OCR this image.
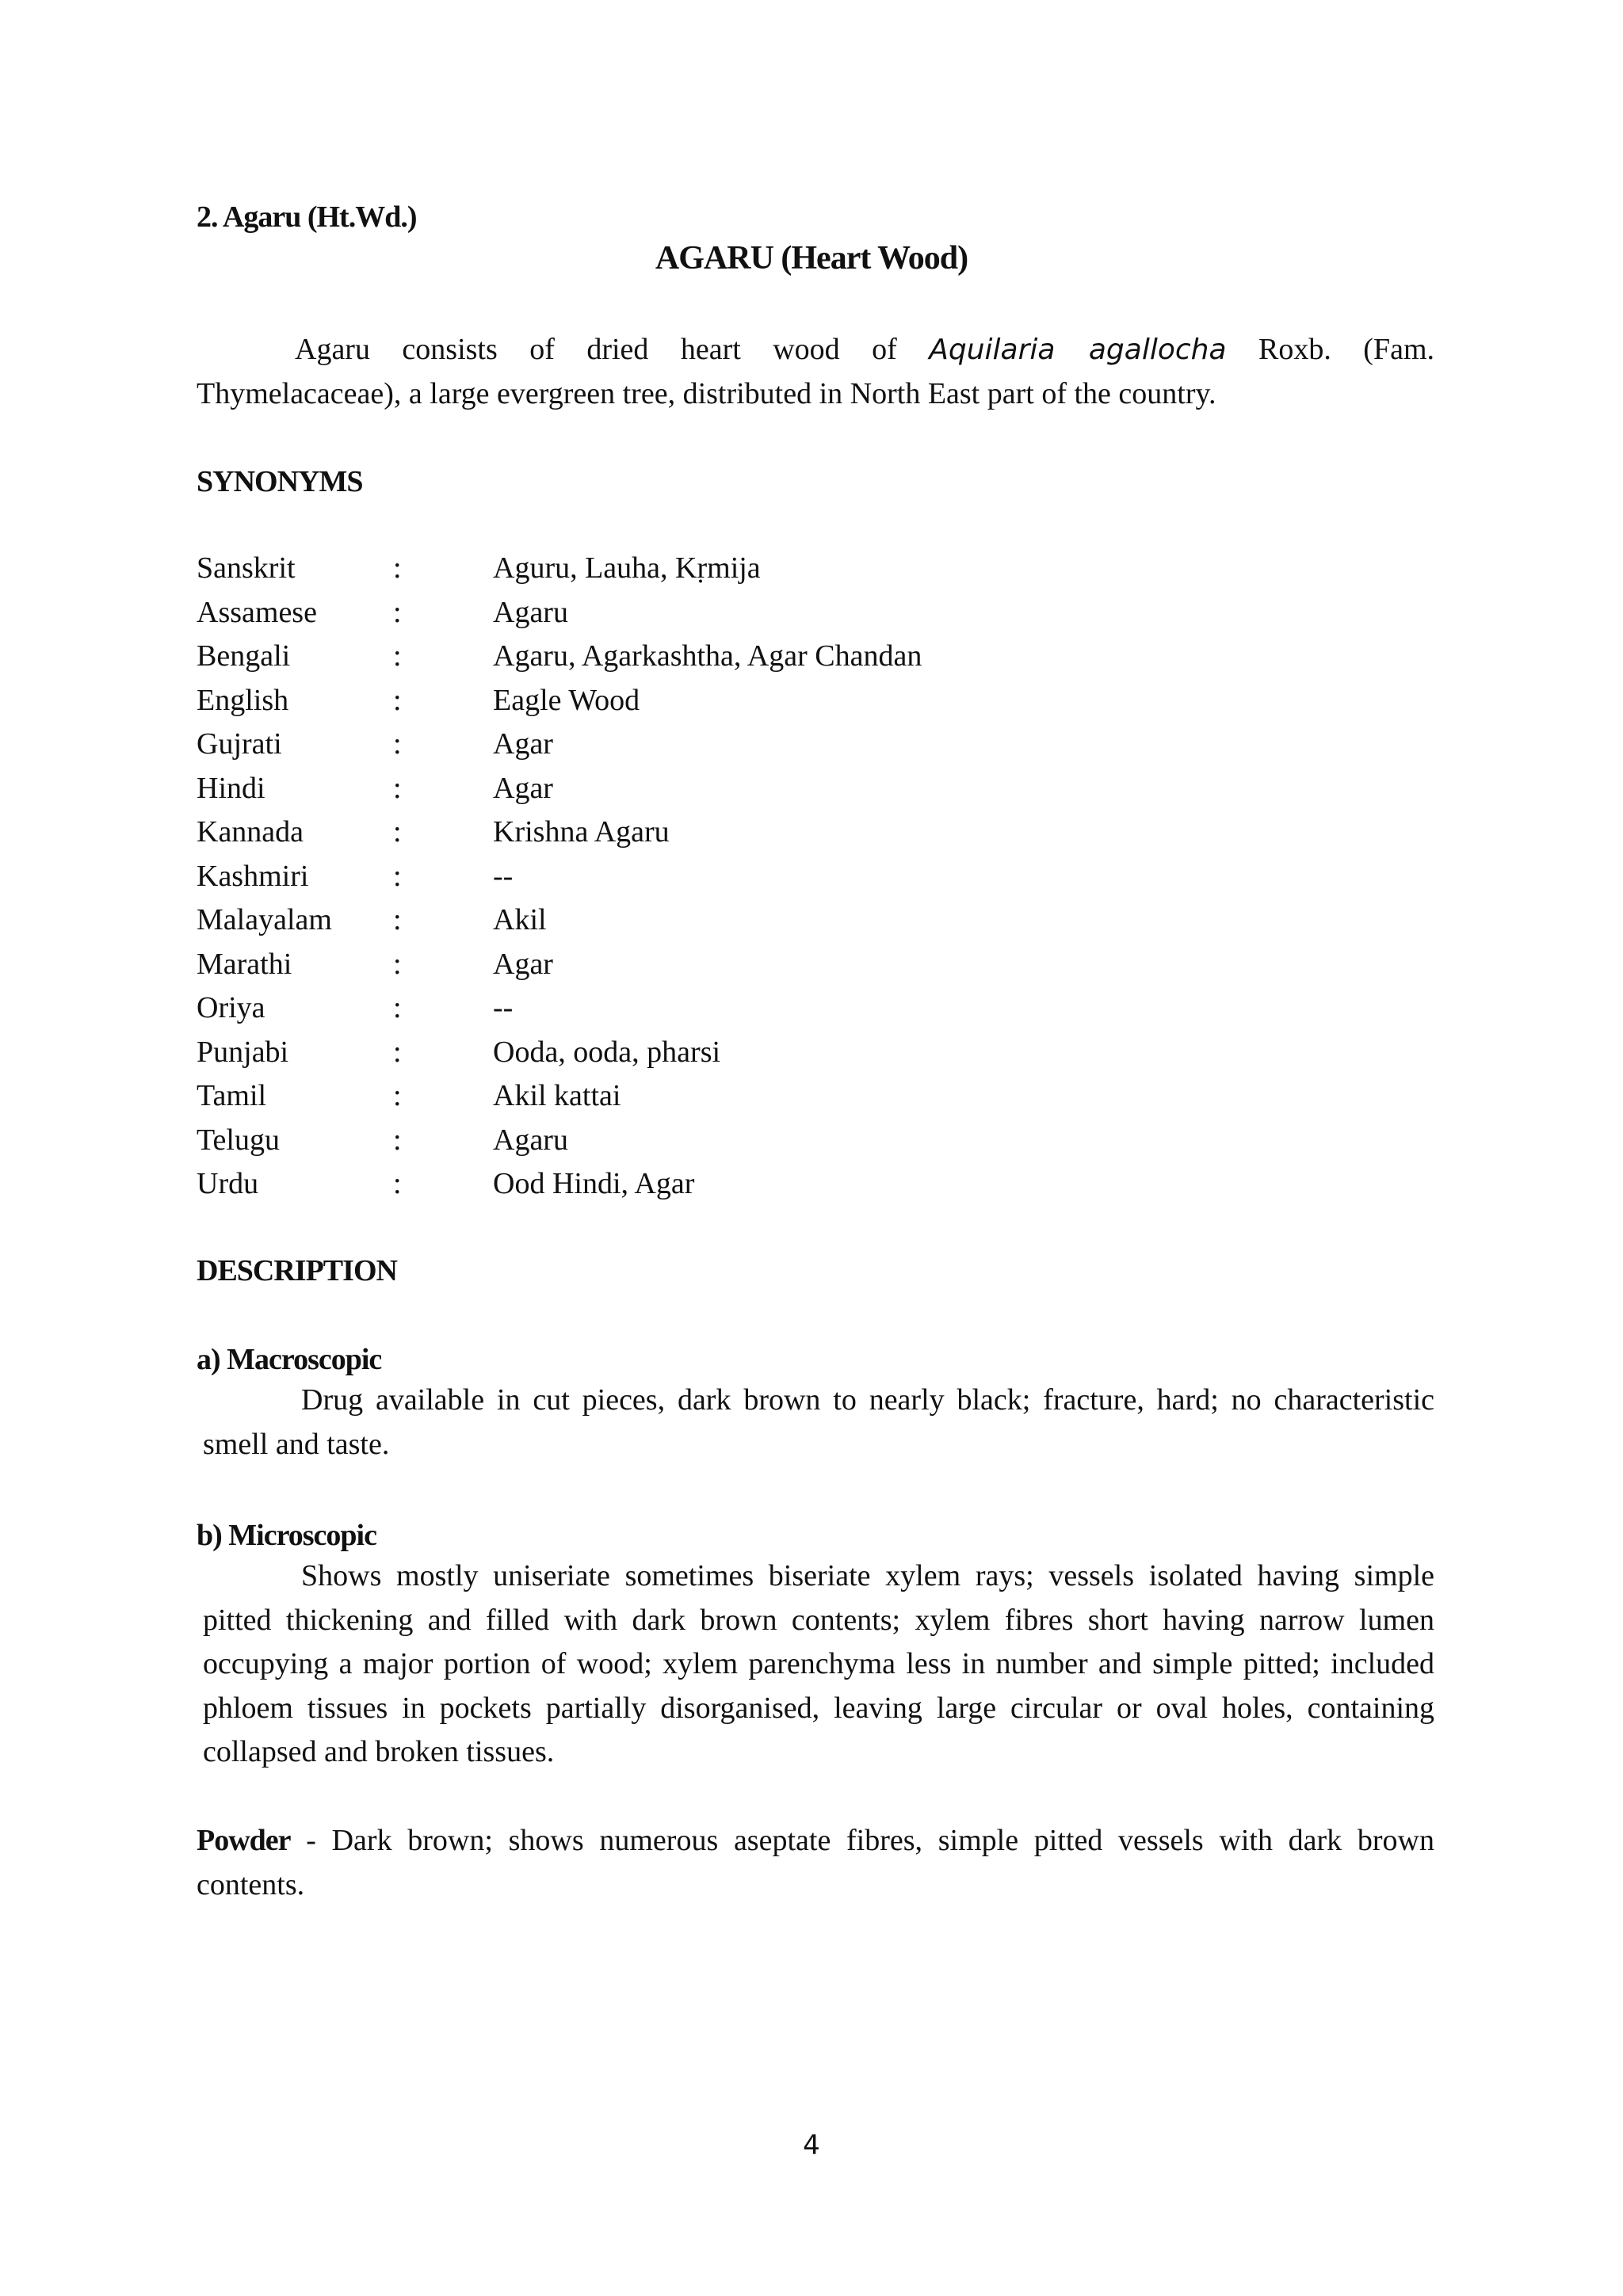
2. Agaru (Ht.Wd.)
AGARU (Heart Wood)
Agaru consists of dried heart wood of Aquilaria agallocha Roxb. (Fam.
Thymelacaceae), a large evergreen tree, distributed in North East part of the country.
SYNONYMS
Sanskrit	:	Aguru, Lauha, Kṛmija
Assamese	:	Agaru
Bengali	:	Agaru, Agarkashtha, Agar Chandan
English	:	Eagle Wood
Gujrati	:	Agar
Hindi	:	Agar
Kannada	:	Krishna Agaru
Kashmiri	:	--
Malayalam :	Akil
Marathi	:	Agar
Oriya	:	--
Punjabi	:	Ooda, ooda, pharsi
Tamil	:	Akil kattai
Telugu	:	Agaru
Urdu	:	Ood Hindi, Agar
DESCRIPTION
a) Macroscopic
Drug available in cut pieces, dark brown to nearly black; fracture, hard; no characteristic smell and taste.
b) Microscopic
Shows mostly uniseriate sometimes biseriate xylem rays; vessels isolated having simple pitted thickening and filled with dark brown contents; xylem fibres short having narrow lumen occupying a major portion of wood; xylem parenchyma less in number and simple pitted; included phloem tissues in pockets partially disorganised, leaving large circular or oval holes, containing collapsed and broken tissues.
Powder - Dark brown; shows numerous aseptate fibres, simple pitted vessels with dark brown contents.
4
